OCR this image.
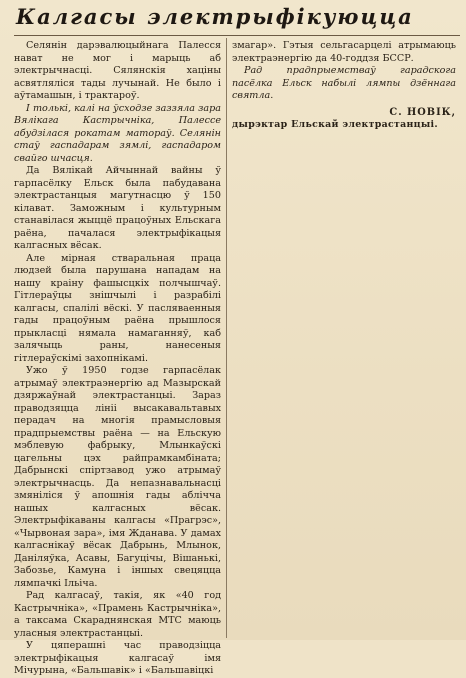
Калгасы электрыфікуюцца

Селянін дарэвалюцыйнага Палесся нават не мог і марыць аб электрычнасці. Сялянскія хаціны асвятляліся тады лучынай. Не было і аўтамашын, і трактароў.

І толькі, калі на ўсходзе заззяла зара Вялікага Кастрычніка, Палессе абудзілася рокатам матораў. Селянін стаў гаспадарам зямлі, гаспадаром свайго шчасця.

Да Вялікай Айчыннай вайны ў гарпасёлку Ельск была пабудавана электрастанцыя магутнасцю ў 150 кілават. Заможным і культурным станавілася жыццё працоўных Ельскага раёна, пачалася электрыфікацыя калгасных вёсак.

Але мірная стваральная праца людзей была парушана нападам на нашу краіну фашысцкіх полчышчаў. Гітлераўцы знішчылі і разрабілі калгасы, спалілі вёскі. У пасляваенныя гады працоўным раёна прышлося прыкласці нямала намаганняў, каб залячыць раны, нанесеныя гітлераўскімі захопнікамі.

Ужо ў 1950 годзе гарпасёлак атрымаў электраэнергію ад Мазырскай дзяржаўнай электрастанцыі. Зараз праводзяцца лініі высакавальтавых перадач на многія прамысловыя прадпрыемствы раёна — на Ельскую мэблевую фабрыку, Млынкаўскі цагельны цэх райпрамкамбіната; Дабрынскі спіртзавод ужо атрымаў электрычнасць. Да непазнавальнасці змяніліся ў апошнія гады аблічча нашых калгасных вёсак. Электрыфікаваны калгасы «Прагрэс», «Чырвоная зара», імя Жданава. У дамах калгаснікаў вёсак Дабрынь, Млынок, Даніляўка, Асавы, Багуцічы, Вішанькі, Забозье, Камуна і іншых свецяцца лямпачкі Ільіча.

Рад калгасаў, такія, як «40 год Кастрычніка», «Прамень Кастрычніка», а таксама Скараднянская МТС маюць уласныя электрастанцыі.

У цяперашні час праводзіцца электрыфікацыя калгасаў імя Мічурына, «Бальшавік» і «Бальшавіцкі

змагар». Гэтыя сельгасарцелі атрымаюць электраэнергію да 40-годдзя БССР.

Рад прадпрыемстваў гарадскога пасёлка Ельск набылі лямпы дзённага святла.

С. НОВІК,
дырэктар Ельскай электрастанцыі.
